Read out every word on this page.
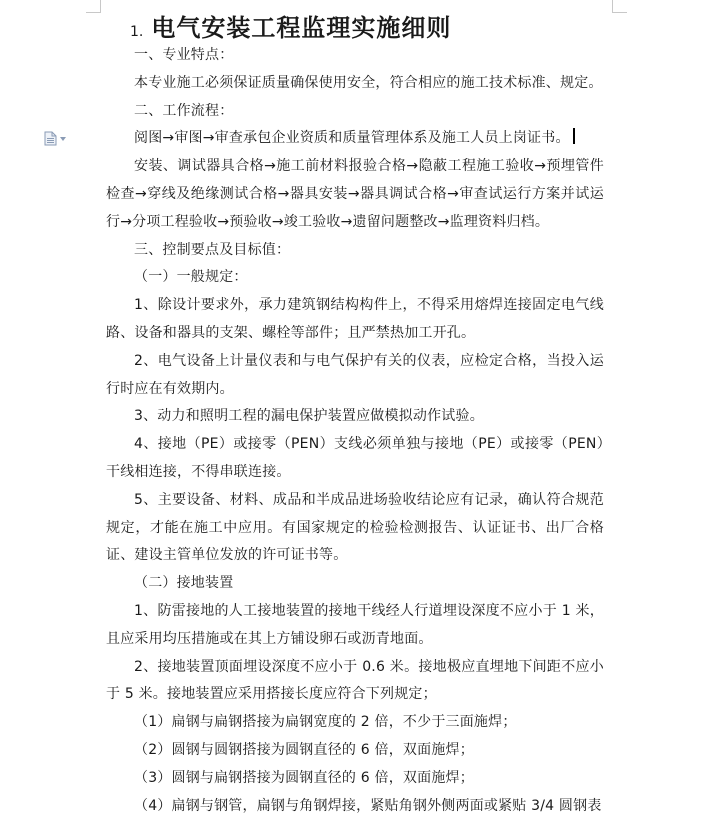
1. 电气安装工程监理实施细则

一、专业特点：

本专业施工必须保证质量确保使用安全，符合相应的施工技术标准、规定。

二、工作流程：

阅图→审图→审查承包企业资质和质量管理体系及施工人员上岗证书。

安装、调试器具合格→施工前材料报验合格→隐蔽工程施工验收→预埋管件检查→穿线及绝缘测试合格→器具安装→器具调试合格→审查试运行方案并试运行→分项工程验收→预验收→竣工验收→遗留问题整改→监理资料归档。

三、控制要点及目标值：

（一）一般规定：

1、除设计要求外，承力建筑钢结构构件上，不得采用熔焊连接固定电气线路、设备和器具的支架、螺栓等部件；且严禁热加工开孔。

2、电气设备上计量仪表和与电气保护有关的仪表，应检定合格，当投入运行时应在有效期内。

3、动力和照明工程的漏电保护装置应做模拟动作试验。

4、接地（PE）或接零（PEN）支线必须单独与接地（PE）或接零（PEN）干线相连接，不得串联连接。

5、主要设备、材料、成品和半成品进场验收结论应有记录，确认符合规范规定，才能在施工中应用。有国家规定的检验检测报告、认证证书、出厂合格证、建设主管单位发放的许可证书等。

（二）接地装置

1、防雷接地的人工接地装置的接地干线经人行道埋设深度不应小于 1 米，且应采用均压措施或在其上方铺设卵石或沥青地面。

2、接地装置顶面埋设深度不应小于 0.6 米。接地极应直埋地下间距不应小于 5 米。接地装置应采用搭接长度应符合下列规定；

（1）扁钢与扁钢搭接为扁钢宽度的 2 倍，不少于三面施焊；

（2）圆钢与圆钢搭接为圆钢直径的 6 倍，双面施焊；

（3）圆钢与扁钢搭接为圆钢直径的 6 倍，双面施焊；

（4）扁钢与钢管，扁钢与角钢焊接，紧贴角钢外侧两面或紧贴 3/4 圆钢表
